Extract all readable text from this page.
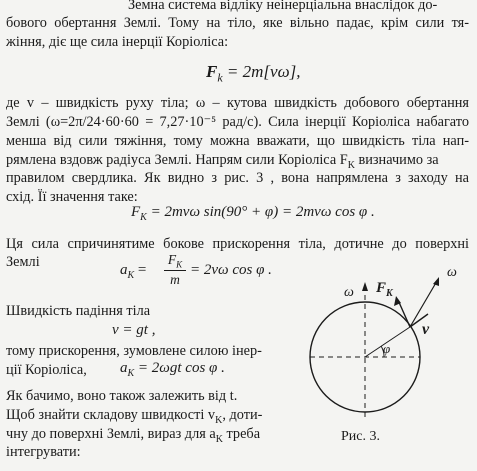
Земна система відліку неінерціальна внаслідок до-
бового обертання Землі. Тому на тіло, яке вільно падає, крім сили тя-
жіння, діє ще сила інерції Коріоліса:
$F_k = 2m[v\omega]$,
де v – швидкість руху тіла; ω – кутова швидкість добового обертання
Землі (ω=2π/24·60·60 = 7,27·10⁻⁵ рад/с). Сила інерції Коріоліса набагато
менша від сили тяжіння, тому можна вважати, що швидкість тіла нап-
рямлена вздовж радіуса Землі. Напрям сили Коріоліса $F_K$ визначимо за
правилом свердлика. Як видно з рис. 3 , вона напрямлена з заходу на
схід. Її значення таке:
$F_K = 2mv\omega$ sin(90° + φ) = 2mvω cos φ .
Ця сила спричинятиме бокове прискорення тіла, дотичне до поверхні
Землі	$a_K$ =
$F_K$
m
= 2vω cos φ .
Швидкість падіння тіла
v = gt ,
тому прискорення, зумовлене силою інер-
ції Коріоліса, $a_K = 2\omega gt$ cos φ .
Як бачимо, воно також залежить від t.
Щоб знайти складову швидкості $v_K$, доти-
чну до поверхні Землі, вираз для $a_K$ треба
інтегрувати:
ω
ω
$F_K$
v
φ
Рис. 3.
